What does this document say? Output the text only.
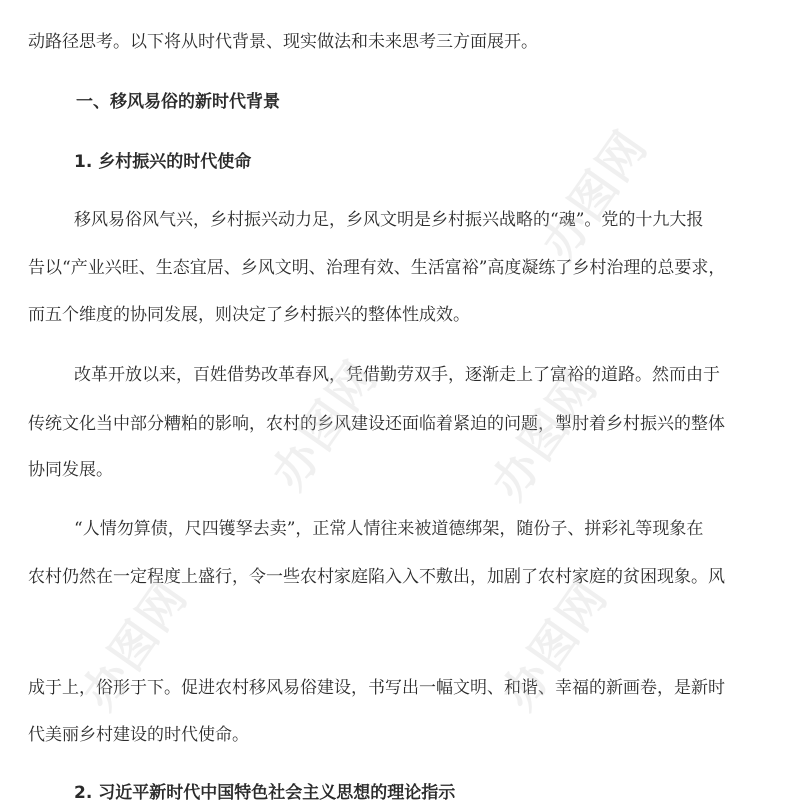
动路径思考。以下将从时代背景、现实做法和未来思考三方面展开。
一、移风易俗的新时代背景
1. 乡村振兴的时代使命
移风易俗风气兴，乡村振兴动力足，乡风文明是乡村振兴战略的“魂”。党的十九大报
告以“产业兴旺、生态宜居、乡风文明、治理有效、生活富裕”高度凝练了乡村治理的总要求，
而五个维度的协同发展，则决定了乡村振兴的整体性成效。
改革开放以来，百姓借势改革春风，凭借勤劳双手，逐渐走上了富裕的道路。然而由于
传统文化当中部分糟粕的影响，农村的乡风建设还面临着紧迫的问题，掣肘着乡村振兴的整体
协同发展。
“人情勿算债，尺四镬孥去卖”，正常人情往来被道德绑架，随份子、拼彩礼等现象在
农村仍然在一定程度上盛行，令一些农村家庭陷入入不敷出，加剧了农村家庭的贫困现象。风
成于上，俗形于下。促进农村移风易俗建设，书写出一幅文明、和谐、幸福的新画卷，是新时
代美丽乡村建设的时代使命。
2. 习近平新时代中国特色社会主义思想的理论指示
办图网
办图网 办图网
办图网	办图网
